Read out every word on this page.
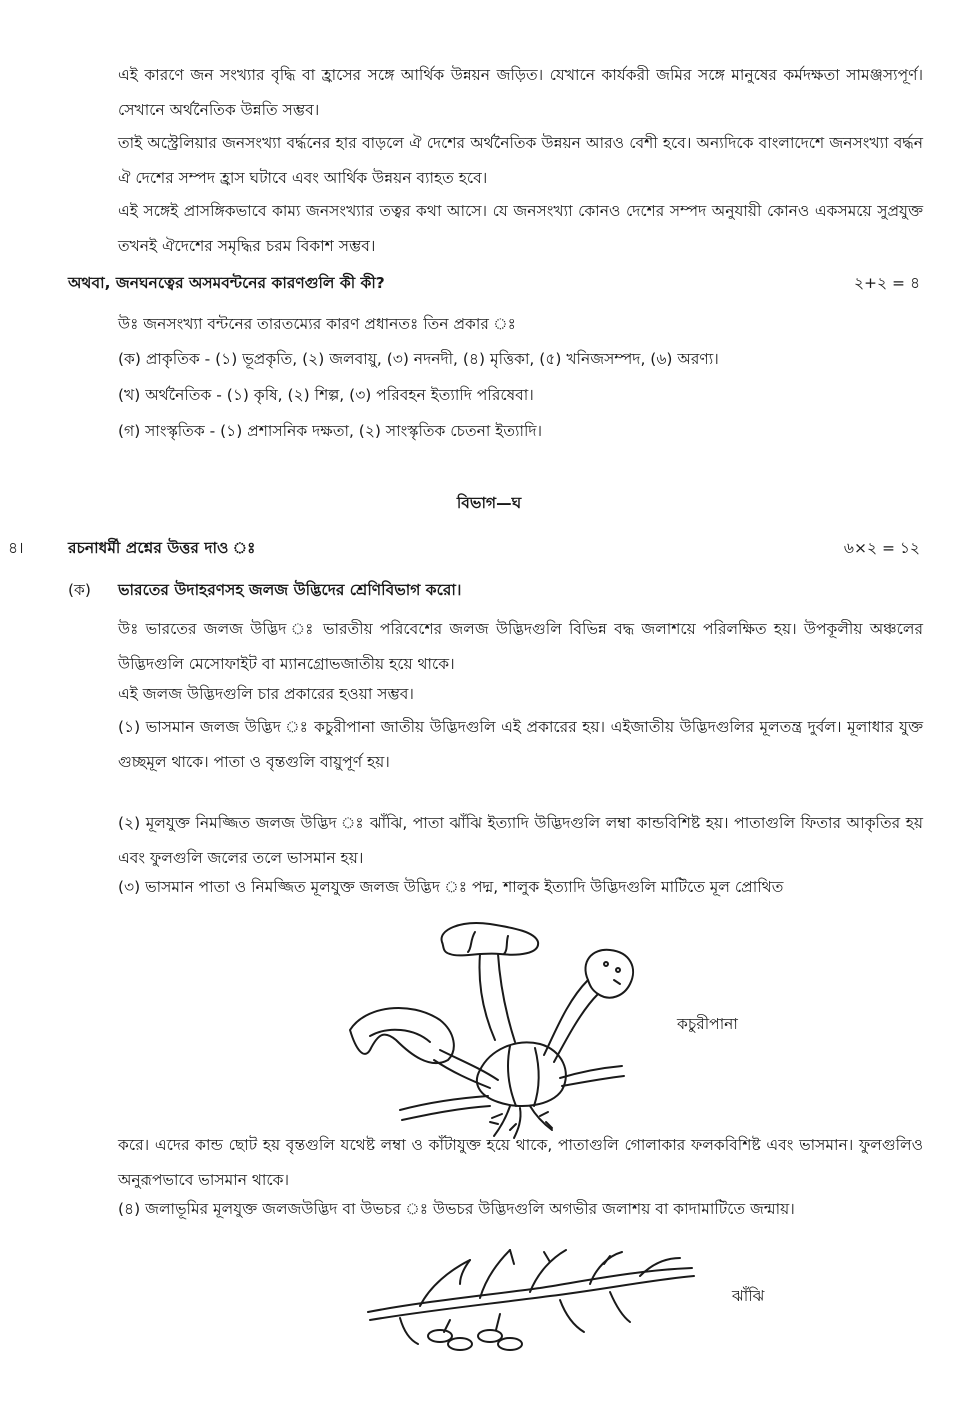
এই কারণে জন সংখ্যার বৃদ্ধি বা হ্রাসের সঙ্গে আর্থিক উন্নয়ন জড়িত। যেখানে কার্যকরী জমির সঙ্গে মানুষের কর্মদক্ষতা সামঞ্জস্যপূর্ণ। সেখানে অর্থনৈতিক উন্নতি সম্ভব।

তাই অস্ট্রেলিয়ার জনসংখ্যা বর্দ্ধনের হার বাড়লে ঐ দেশের অর্থনৈতিক উন্নয়ন আরও বেশী হবে। অন্যদিকে বাংলাদেশে জনসংখ্যা বর্দ্ধন ঐ দেশের সম্পদ হ্রাস ঘটাবে এবং আর্থিক উন্নয়ন ব্যাহত হবে।

এই সঙ্গেই প্রাসঙ্গিকভাবে কাম্য জনসংখ্যার তত্বর কথা আসে। যে জনসংখ্যা কোনও দেশের সম্পদ অনুযায়ী কোনও একসময়ে সুপ্রযুক্ত তখনই ঐদেশের সমৃদ্ধির চরম বিকাশ সম্ভব।

অথবা, জনঘনত্বের অসমবন্টনের কারণগুলি কী কী?	২+২ = ৪
উঃ জনসংখ্যা বন্টনের তারতম্যের কারণ প্রধানতঃ তিন প্রকার ঃ
(ক) প্রাকৃতিক - (১) ভূপ্রকৃতি, (২) জলবায়ু, (৩) নদনদী, (৪) মৃত্তিকা, (৫) খনিজসম্পদ, (৬) অরণ্য।
(খ) অর্থনৈতিক - (১) কৃষি, (২) শিল্প, (৩) পরিবহন ইত্যাদি পরিষেবা।
(গ) সাংস্কৃতিক - (১) প্রশাসনিক দক্ষতা, (২) সাংস্কৃতিক চেতনা ইত্যাদি।
বিভাগ—ঘ
৪।	রচনাধর্মী প্রশ্নের উত্তর দাও ঃ	৬×২ = ১২
(ক) ভারতের উদাহরণসহ জলজ উদ্ভিদের শ্রেণিবিভাগ করো।

উঃ ভারতের জলজ উদ্ভিদ ঃ ভারতীয় পরিবেশের জলজ উদ্ভিদগুলি বিভিন্ন বদ্ধ জলাশয়ে পরিলক্ষিত হয়। উপকূলীয় অঞ্চলের উদ্ভিদগুলি মেসোফাইট বা ম্যানগ্রোভজাতীয় হয়ে থাকে।

এই জলজ উদ্ভিদগুলি চার প্রকারের হওয়া সম্ভব।

(১) ভাসমান জলজ উদ্ভিদ ঃ কচুরীপানা জাতীয় উদ্ভিদগুলি এই প্রকারের হয়। এইজাতীয় উদ্ভিদগুলির মূলতন্ত্র দুর্বল। মূলাধার যুক্ত গুচ্ছমূল থাকে। পাতা ও বৃন্তগুলি বায়ুপূর্ণ হয়।

(২) মূলযুক্ত নিমজ্জিত জলজ উদ্ভিদ ঃ ঝাঁঝি, পাতা ঝাঁঝি ইত্যাদি উদ্ভিদগুলি লম্বা কান্ডবিশিষ্ট হয়। পাতাগুলি ফিতার আকৃতির হয় এবং ফুলগুলি জলের তলে ভাসমান হয়।

(৩) ভাসমান পাতা ও নিমজ্জিত মূলযুক্ত জলজ উদ্ভিদ ঃ পদ্ম, শালুক ইত্যাদি উদ্ভিদগুলি মাটিতে মূল প্রোথিত
কচুরীপানা

করে। এদের কান্ড ছোট হয় বৃন্তগুলি যথেষ্ট লম্বা ও কাঁটাযুক্ত হয়ে থাকে, পাতাগুলি গোলাকার ফলকবিশিষ্ট এবং ভাসমান। ফুলগুলিও অনুরূপভাবে ভাসমান থাকে।

(৪) জলাভূমির মূলযুক্ত জলজউদ্ভিদ বা উভচর ঃ উভচর উদ্ভিদগুলি অগভীর জলাশয় বা কাদামাটিতে জন্মায়।
ঝাঁঝি
